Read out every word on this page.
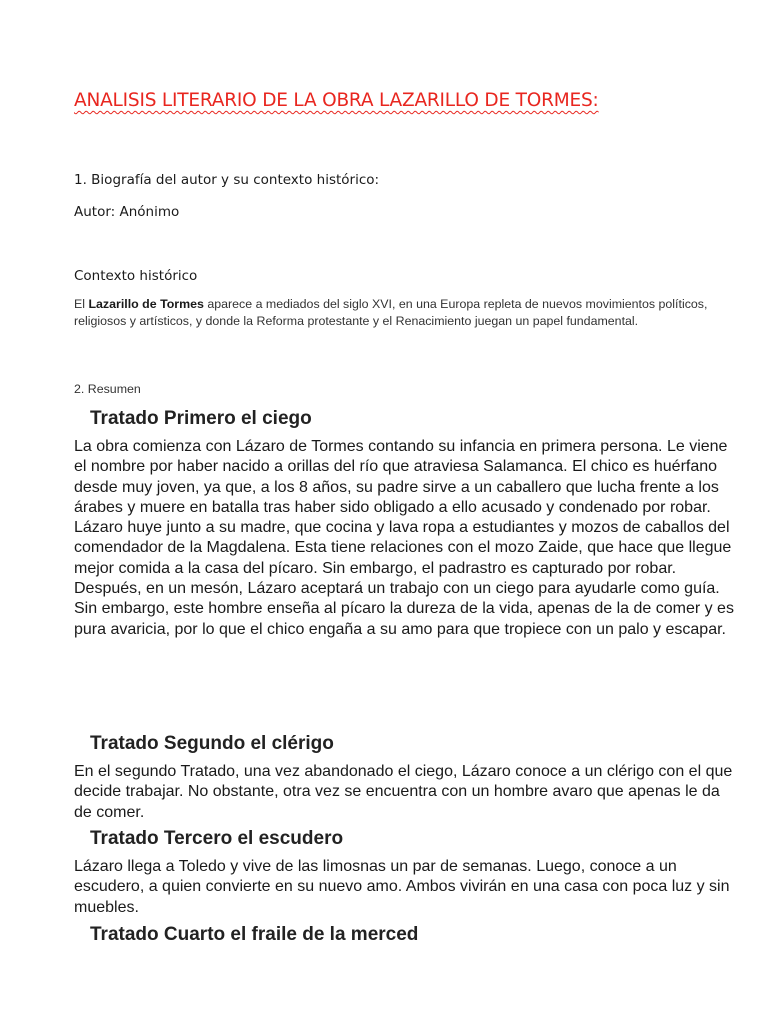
ANALISIS LITERARIO DE LA OBRA LAZARILLO DE TORMES:
1. Biografía del autor y su contexto histórico:

Autor: Anónimo

Contexto histórico

El Lazarillo de Tormes aparece a mediados del siglo XVI, en una Europa repleta de nuevos movimientos políticos, religiosos y artísticos, y donde la Reforma protestante y el Renacimiento juegan un papel fundamental.

2. Resumen

Tratado Primero el ciego

La obra comienza con Lázaro de Tormes contando su infancia en primera persona. Le viene el nombre por haber nacido a orillas del río que atraviesa Salamanca. El chico es huérfano desde muy joven, ya que, a los 8 años, su padre sirve a un caballero que lucha frente a los árabes y muere en batalla tras haber sido obligado a ello acusado y condenado por robar.

Lázaro huye junto a su madre, que cocina y lava ropa a estudiantes y mozos de caballos del comendador de la Magdalena. Esta tiene relaciones con el mozo Zaide, que hace que llegue mejor comida a la casa del pícaro. Sin embargo, el padrastro es capturado por robar.

Después, en un mesón, Lázaro aceptará un trabajo con un ciego para ayudarle como guía. Sin embargo, este hombre enseña al pícaro la dureza de la vida, apenas de la de comer y es pura avaricia, por lo que el chico engaña a su amo para que tropiece con un palo y escapar.

Tratado Segundo el clérigo

En el segundo Tratado, una vez abandonado el ciego, Lázaro conoce a un clérigo con el que decide trabajar. No obstante, otra vez se encuentra con un hombre avaro que apenas le da de comer.

Tratado Tercero el escudero

Lázaro llega a Toledo y vive de las limosnas un par de semanas. Luego, conoce a un escudero, a quien convierte en su nuevo amo. Ambos vivirán en una casa con poca luz y sin muebles.

Tratado Cuarto el fraile de la merced
